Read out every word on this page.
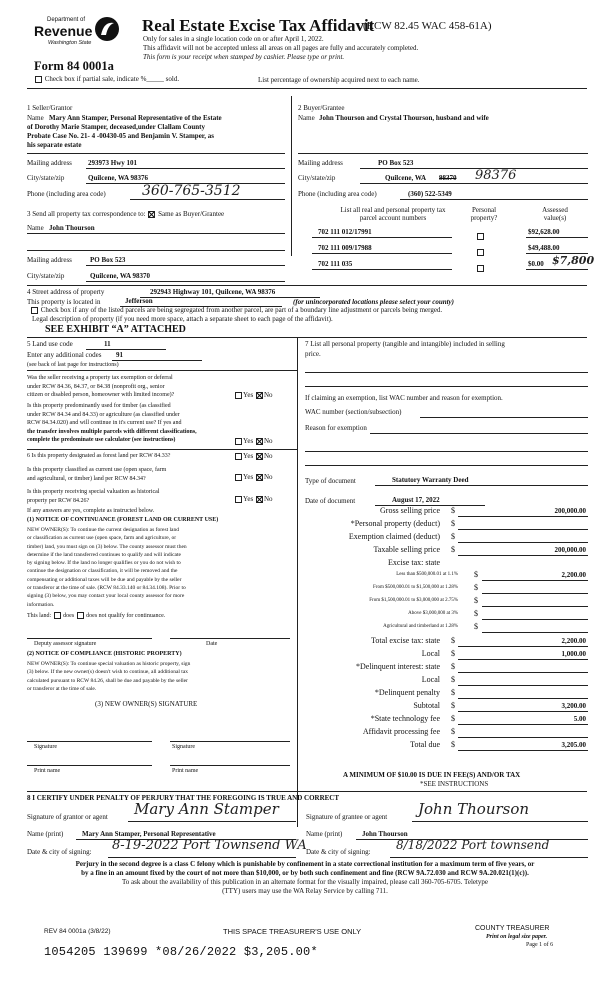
Department of
Revenue
Washington State
Real Estate Excise Tax Affidavit
(RCW 82.45 WAC 458-61A)
Only for sales in a single location code on or after April 1, 2022.
This affidavit will not be accepted unless all areas on all pages are fully and accurately completed.
This form is your receipt when stamped by cashier. Please type or print.
Form 84 0001a
Check box if partial sale, indicate %_____ sold.	List percentage of ownership acquired next to each name.
1 Seller/Grantor
Name Mary Ann Stamper, Personal Representative of the Estate
of Dorothy Marie Stamper, deceased,under Clallam County
Probate Case No. 21- 4 -00430-05 and Benjamin V. Stamper, as
his separate estate
Mailing address 293973 Hwy 101
City/state/zip	Quilcene, WA 98376
Phone (including area code)	360-765-3512
2 Buyer/Grantee
Name John Thourson and Crystal Thourson, husband and wife
Mailing address	PO Box 523
City/state/zip	Quilcene, WA 98370 98376
Phone (including area code)	(360) 522-5349
3 Send all property tax correspondence to: Same as Buyer/Grantee
Name John Thourson
Mailing address	PO Box 523
City/state/zip	Quilcene, WA 98370
List all real and personal property tax
parcel account numbers
Personal
property?
Assessed
value(s)
702 111 012/17991	$92,628.00
702 111 009/17988	$49,488.00
702 111 035	$0.00 $7,800
4 Street address of property	292943 Highway 101, Quilcene, WA 98376
This property is located in	Jefferson	(for unincorporated locations please select your county)
Check box if any of the listed parcels are being segregated from another parcel, are part of a boundary line adjustment or parcels being merged.
Legal description of property (if you need more space, attach a separate sheet to each page of the affidavit).
SEE EXHIBIT “A” ATTACHED
5 Land use code	11
Enter any additional codes 91
(see back of last page for instructions)
Was the seller receiving a property tax exemption or deferral
under RCW 84.36, 84.37, or 84.38 (nonprofit org., senior
citizen or disabled person, homeowner with limited income)?	Yes No
Is this property predominantly used for timber (as classified
under RCW 84.34 and 84.33) or agriculture (as classified under
RCW 84.34.020) and will continue in it's current use? If yes and
the transfer involves multiple parcels with different classifications,
complete the predominate use calculator (see instructions)	Yes No
6 Is this property designated as forest land per RCW 84.33?	Yes No
Is this property classified as current use (open space, farm
and agricultural, or timber) land per RCW 84.34?	Yes No
Is this property receiving special valuation as historical
property per RCW 84.26?	Yes No
If any answers are yes, complete as instructed below.
(1) NOTICE OF CONTINUANCE (FOREST LAND OR CURRENT USE)
NEW OWNER(S): To continue the current designation as forest land
or classification as current use (open space, farm and agriculture, or
timber) land, you must sign on (3) below. The county assessor must then
determine if the land transferred continues to qualify and will indicate
by signing below. If the land no longer qualifies or you do not wish to
continue the designation or classification, it will be removed and the
compensating or additional taxes will be due and payable by the seller
or transferor at the time of sale. (RCW 84.33.140 or 84.34.108). Prior to
signing (3) below, you may contact your local county assessor for more
information.
This land: does does not qualify for continuance.
Deputy assessor signature	Date
(2) NOTICE OF COMPLIANCE (HISTORIC PROPERTY)
NEW OWNER(S): To continue special valuation as historic property, sign
(3) below. If the new owner(s) doesn't wish to continue, all additional tax
calculated pursuant to RCW 84.26, shall be due and payable by the seller
or transferor at the time of sale.
(3) NEW OWNER(S) SIGNATURE
Signature	Signature
Print name	Print name
7 List all personal property (tangible and intangible) included in selling
price.
If claiming an exemption, list WAC number and reason for exemption.
WAC number (section/subsection)
Reason for exemption
Type of document	Statutory Warranty Deed
Date of document	August 17, 2022
Gross selling price $	200,000.00
*Personal property (deduct) $
Exemption claimed (deduct) $
Taxable selling price $	200,000.00
Excise tax: state
Less than $500,000.01 at 1.1% $	2,200.00
From $500,000.01 to $1,500,000 at 1.28% $
From $1,500,000.01 to $3,000,000 at 2.75% $
Above $3,000,000 at 3% $
Agricultural and timberland at 1.28% $
Total excise tax: state $	2,200.00
Local $	1,000.00
*Delinquent interest: state $
Local $
*Delinquent penalty $
Subtotal $	3,200.00
*State technology fee $	5.00
Affidavit processing fee $
Total due $	3,205.00
A MINIMUM OF $10.00 IS DUE IN FEE(S) AND/OR TAX
*SEE INSTRUCTIONS
8 I CERTIFY UNDER PENALTY OF PERJURY THAT THE FOREGOING IS TRUE AND CORRECT
Signature of grantor or agent Mary Ann Stamper	Signature of grantee or agent John Thourson
Name (print)	Mary Ann Stamper, Personal Representative	Name (print)	John Thourson
Date & city of signing: 8-19-2022 Port Townsend WA Date & city of signing: 8/18/2022 Port townsend
Perjury in the second degree is a class C felony which is punishable by confinement in a state correctional institution for a maximum term of five years, or
by a fine in an amount fixed by the court of not more than $10,000, or by both such confinement and fine (RCW 9A.72.030 and RCW 9A.20.021(1)(c)).
To ask about the availability of this publication in an alternate format for the visually impaired, please call 360-705-6705. Teletype
(TTY) users may use the WA Relay Service by calling 711.
REV 84 0001a (3/8/22)	THIS SPACE TREASURER'S USE ONLY	COUNTY TREASURER
Print on legal size paper.
Page 1 of 6
1054205 139699 *08/26/2022 $3,205.00*
